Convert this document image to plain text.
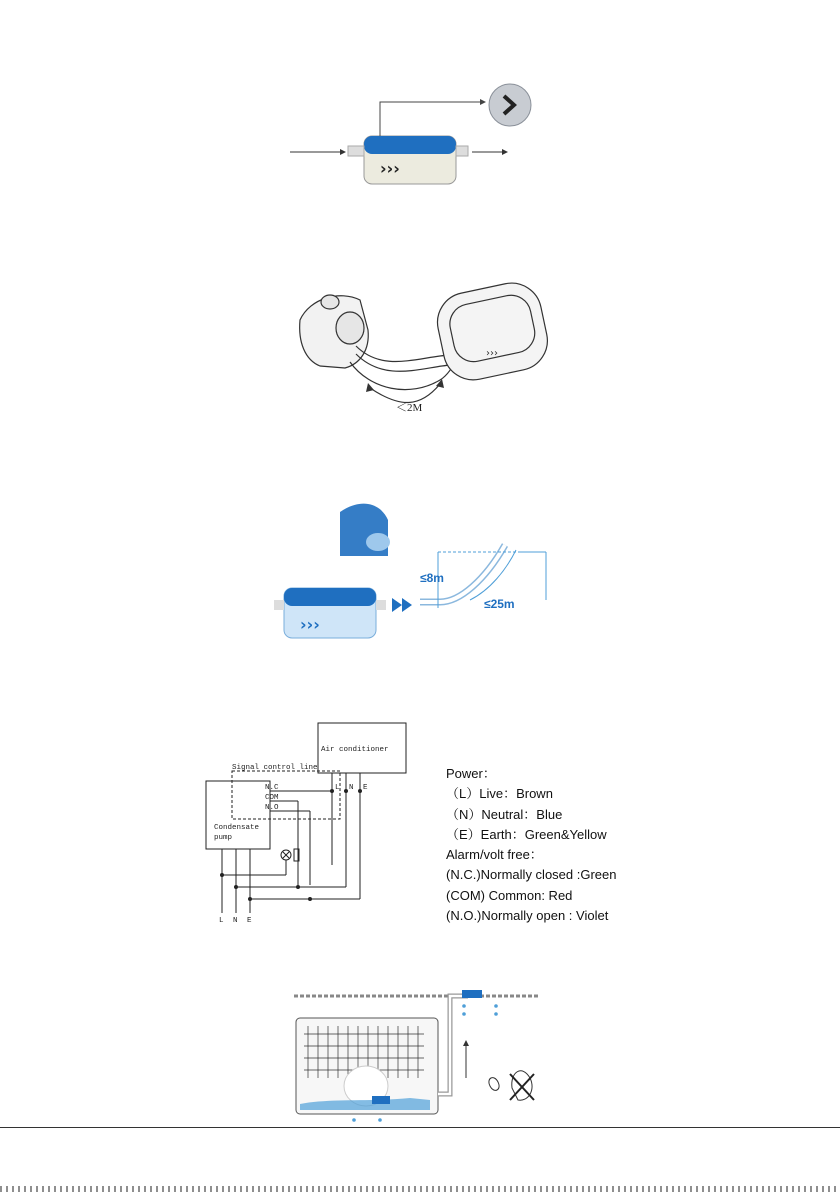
›››
›››
＜2M
›››
≤8m
≤25m
Air conditioner
Signal control line
N.C
COM
N.O
Condensate
pump
L N E
L N E
Power：
（L）Live：Brown
（N）Neutral：Blue
（E）Earth：Green&Yellow
Alarm/volt free：
(N.C.)Normally closed :Green
(COM) Common: Red
(N.O.)Normally open : Violet
